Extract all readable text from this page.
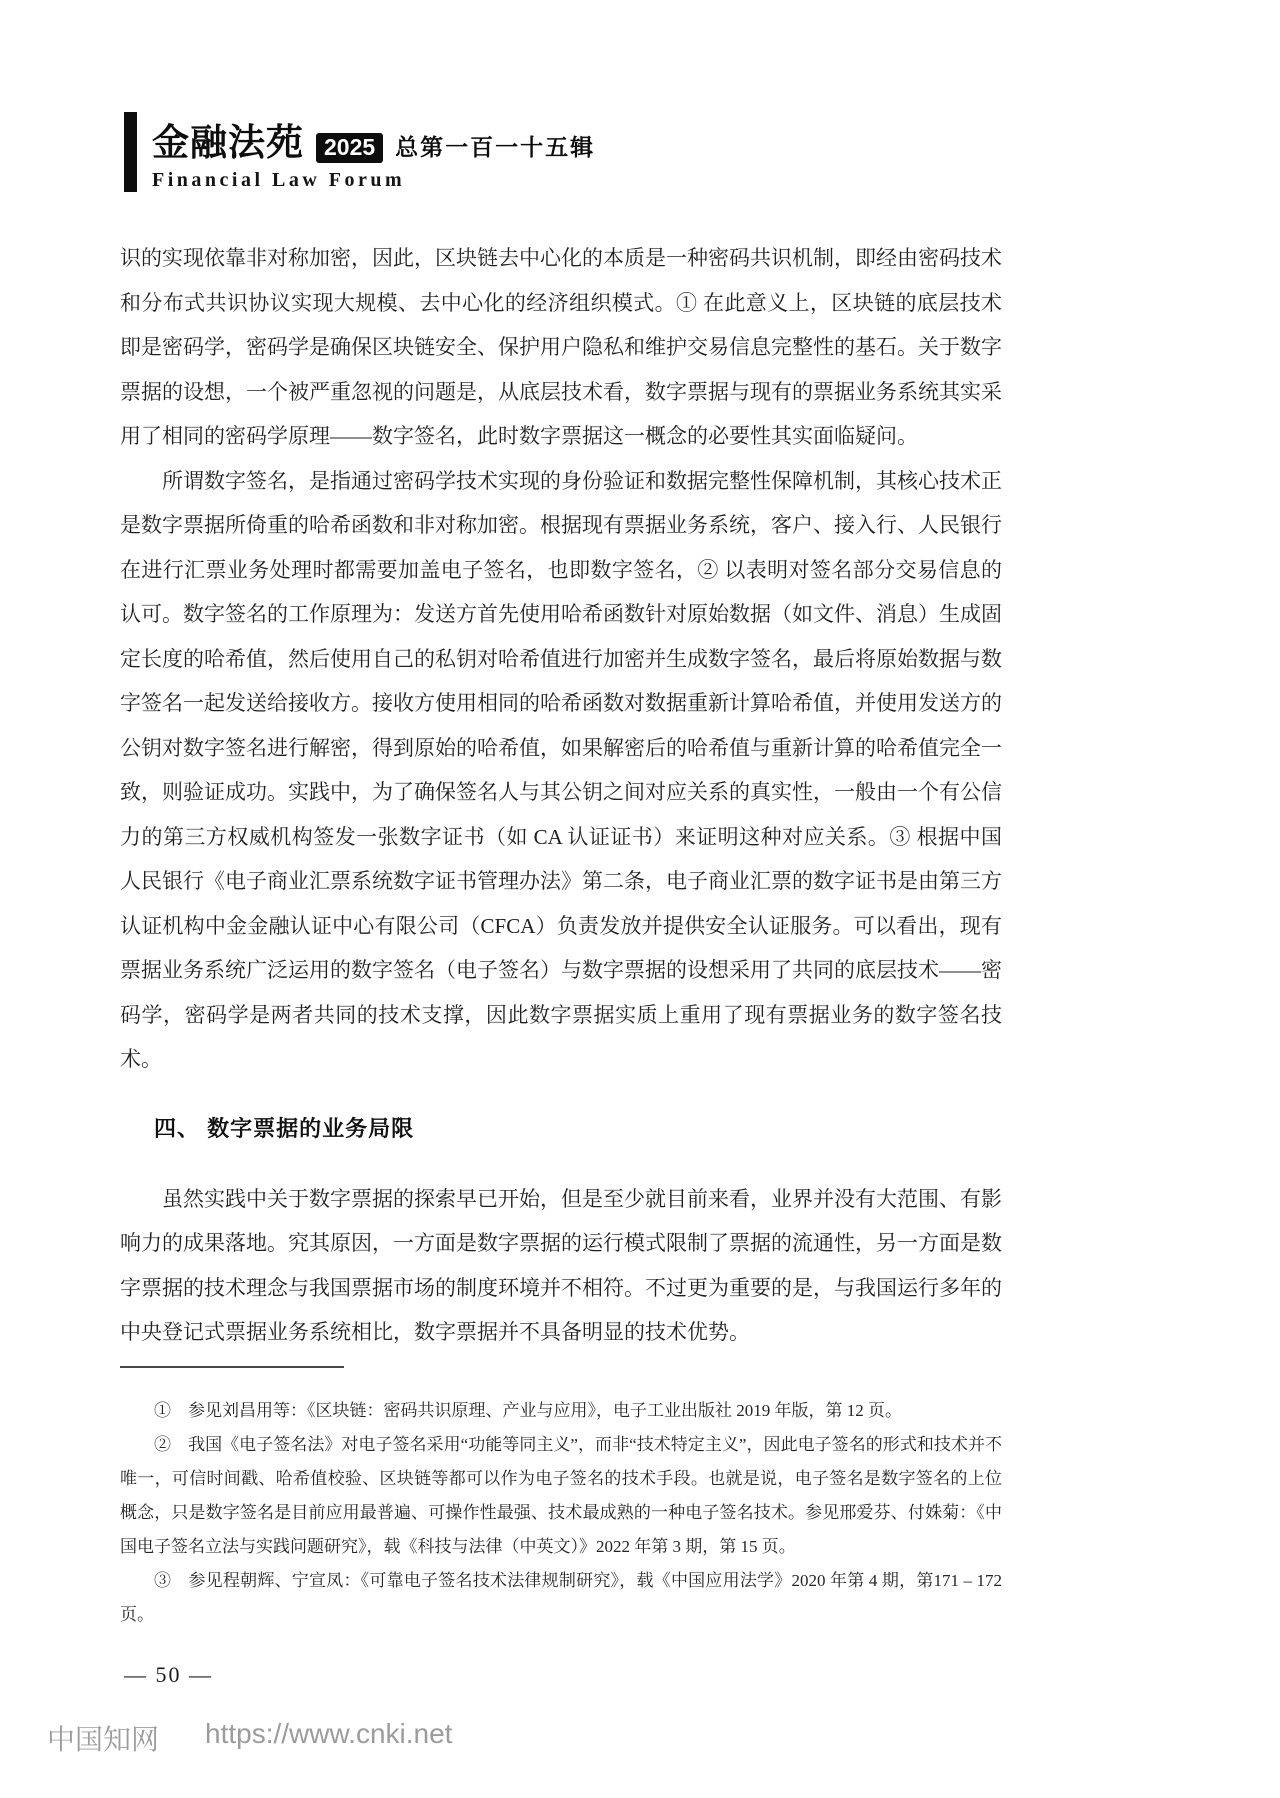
金融法苑 2025 总第一百一十五辑
Financial Law Forum

识的实现依靠非对称加密，因此，区块链去中心化的本质是一种密码共识机制，即经由密码技术和分布式共识协议实现大规模、去中心化的经济组织模式。① 在此意义上，区块链的底层技术即是密码学，密码学是确保区块链安全、保护用户隐私和维护交易信息完整性的基石。关于数字票据的设想，一个被严重忽视的问题是，从底层技术看，数字票据与现有的票据业务系统其实采用了相同的密码学原理——数字签名，此时数字票据这一概念的必要性其实面临疑问。

所谓数字签名，是指通过密码学技术实现的身份验证和数据完整性保障机制，其核心技术正是数字票据所倚重的哈希函数和非对称加密。根据现有票据业务系统，客户、接入行、人民银行在进行汇票业务处理时都需要加盖电子签名，也即数字签名，② 以表明对签名部分交易信息的认可。数字签名的工作原理为：发送方首先使用哈希函数针对原始数据（如文件、消息）生成固定长度的哈希值，然后使用自己的私钥对哈希值进行加密并生成数字签名，最后将原始数据与数字签名一起发送给接收方。接收方使用相同的哈希函数对数据重新计算哈希值，并使用发送方的公钥对数字签名进行解密，得到原始的哈希值，如果解密后的哈希值与重新计算的哈希值完全一致，则验证成功。实践中，为了确保签名人与其公钥之间对应关系的真实性，一般由一个有公信力的第三方权威机构签发一张数字证书（如 CA 认证证书）来证明这种对应关系。③ 根据中国人民银行《电子商业汇票系统数字证书管理办法》第二条，电子商业汇票的数字证书是由第三方认证机构中金金融认证中心有限公司（CFCA）负责发放并提供安全认证服务。可以看出，现有票据业务系统广泛运用的数字签名（电子签名）与数字票据的设想采用了共同的底层技术——密码学，密码学是两者共同的技术支撑，因此数字票据实质上重用了现有票据业务的数字签名技术。

四、 数字票据的业务局限

虽然实践中关于数字票据的探索早已开始，但是至少就目前来看，业界并没有大范围、有影响力的成果落地。究其原因，一方面是数字票据的运行模式限制了票据的流通性，另一方面是数字票据的技术理念与我国票据市场的制度环境并不相符。不过更为重要的是，与我国运行多年的中央登记式票据业务系统相比，数字票据并不具备明显的技术优势。

①　参见刘昌用等：《区块链：密码共识原理、产业与应用》，电子工业出版社 2019 年版，第 12 页。

②　我国《电子签名法》对电子签名采用“功能等同主义”，而非“技术特定主义”，因此电子签名的形式和技术并不唯一，可信时间戳、哈希值校验、区块链等都可以作为电子签名的技术手段。也就是说，电子签名是数字签名的上位概念，只是数字签名是目前应用最普遍、可操作性最强、技术最成熟的一种电子签名技术。参见邢爱芬、付姝菊：《中国电子签名立法与实践问题研究》，载《科技与法律（中英文）》2022 年第 3 期，第 15 页。

③　参见程朝辉、宁宣凤：《可靠电子签名技术法律规制研究》，载《中国应用法学》2020 年第 4 期，第171 – 172 页。

— 50 —
中国知网 https://www.cnki.net
